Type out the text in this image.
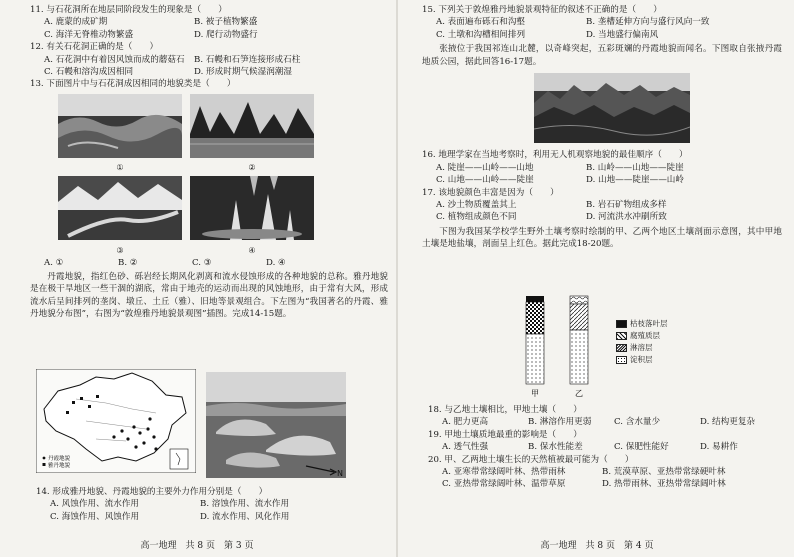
11. 与石花洞所在地层同阶段发生的现象是（　　）

A. 鹿蒙的成矿期	B. 被子植物繁盛
C. 海洋无脊椎动物繁盛	D. 爬行动物盛行

12. 有关石花洞正确的是（　　）

A. 石花洞中有着因风蚀而成的蘑菇石	B. 石幔和石笋连接形成石柱
C. 石幔和溶沟成因相同	D. 形成时期气候湿润潮湿

13. 下面图片中与石花洞成因相同的地貌类是（　　）

①	②
③	④
A. ①	B. ②	C. ③	D. ④

丹霞地貌，指红色砂、砾岩经长期风化剥离和流水侵蚀形成的各种地貌的总称。雅丹地貌是在极干旱地区一些干涸的湖底，常由于地壳的运动而出现的风蚀地形，由于常有大风，形成流水后呈间排列的垄岗、墩丘、土丘（雅）、旧地等景观组合。下左图为“我国著名的丹霞、雅丹地貌分布图”，右图为“敦煌雅丹地貌景观图”插图。完成14-15题。

丹霞地貌
雅丹地貌
N

14. 形成雅丹地貌、丹霞地貌的主要外力作用分别是（　　）

A. 风蚀作用、流水作用	B. 溶蚀作用、流水作用
C. 海蚀作用、风蚀作用	D. 流水作用、风化作用
高一地理　共 8 页　第 3 页

15. 下列关于敦煌雅丹地貌景观特征的叙述不正确的是（　　）

A. 表面遍布砾石和沟壑	B. 垄槽延伸方向与盛行风向一致
C. 土墩和沟槽相间排列	D. 当地盛行偏南风

张掖位于我国祁连山北麓，以奇峰突起，五彩斑斓的丹霞地貌而闻名。下图取自张掖丹霞地质公园，据此回答16-17题。

16. 地理学家在当地考察时，利用无人机观察地貌的最佳顺序（　　）

A. 陡崖——山岭——山地	B. 山岭——山地——陡崖
C. 山地——山岭——陡崖	D. 山地——陡崖——山岭

17. 该地貌颜色丰富是因为（　　）

A. 沙土物质覆盖其上	B. 岩石矿物组成多样
C. 植物组成颜色不同	D. 河流洪水冲刷所致

下图为我国某学校学生野外土壤考察时绘制的甲、乙两个地区土壤剖面示意图，其中甲地土壤是地盐壤，剖面呈上红色。据此完成18-20题。

甲	乙
枯枝落叶层
腐殖质层
淋溶层
淀积层

18. 与乙地土壤相比，甲地土壤（　　）

A. 肥力更高	B. 淋溶作用更弱	C. 含水量少	D. 结构更复杂

19. 甲地土壤质地最重的影响是（　　）

A. 透气性强	B. 保水性能差	C. 保肥性能好	D. 易耕作

20. 甲、乙两地土壤生长的天然植被最可能为（　　）

A. 亚寒带常绿阔叶林、热带雨林	B. 荒漠草原、亚热带常绿硬叶林
C. 亚热带常绿阔叶林、温带草原	D. 热带雨林、亚热带常绿阔叶林
高一地理　共 8 页　第 4 页
